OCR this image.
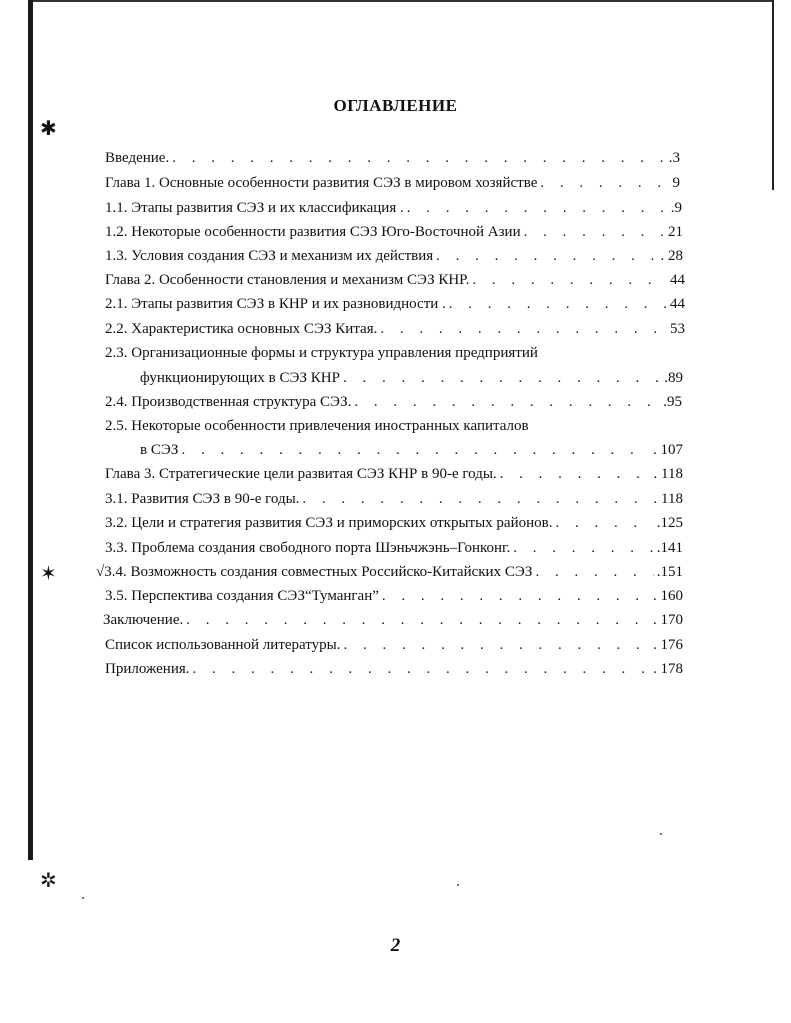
✱
✶
✲
ОГЛАВЛЕНИЕ
Введение. . . .	.3
Глава 1. Основные особенности развития СЭЗ в мировом хозяйстве . . .	9
1.1. Этапы развития СЭЗ и их классификация . . . .	.9
1.2. Некоторые особенности развития СЭЗ Юго-Восточной Азии . . .	21
1.3. Условия создания СЭЗ и механизм их действия . . .	. 28
Глава 2. Особенности становления и механизм СЭЗ КНР. . . .	44
2.1. Этапы развития СЭЗ в КНР и их разновидности . . . .	44
2.2. Характеристика основных СЭЗ Китая. . . .	53
2.3. Организационные формы и структура управления предприятий
функционирующих в СЭЗ КНР . . .	.89
2.4. Производственная структура СЭЗ. . . .	.95
2.5. Некоторые особенности привлечения иностранных капиталов
в СЭЗ . . .	. 107
Глава 3. Стратегические цели развитая СЭЗ КНР в 90-е годы. . . .	. 118
3.1. Развития СЭЗ в 90-е годы. . . .	118
3.2. Цели и стратегия развития СЭЗ и приморских открытых районов. . . .	.125
3.3. Проблема создания свободного порта Шэньчжэнь–Гонконг. . . .	.141
√3.4. Возможность создания совместных Российско-Китайских СЭЗ . . .	.151
3.5. Перспектива создания СЭЗ“Туманган” . . .	. 160
Заключение. . . .	. 170
Список использованной литературы. . . .	. 176
Приложения. . . .	. 178
2
